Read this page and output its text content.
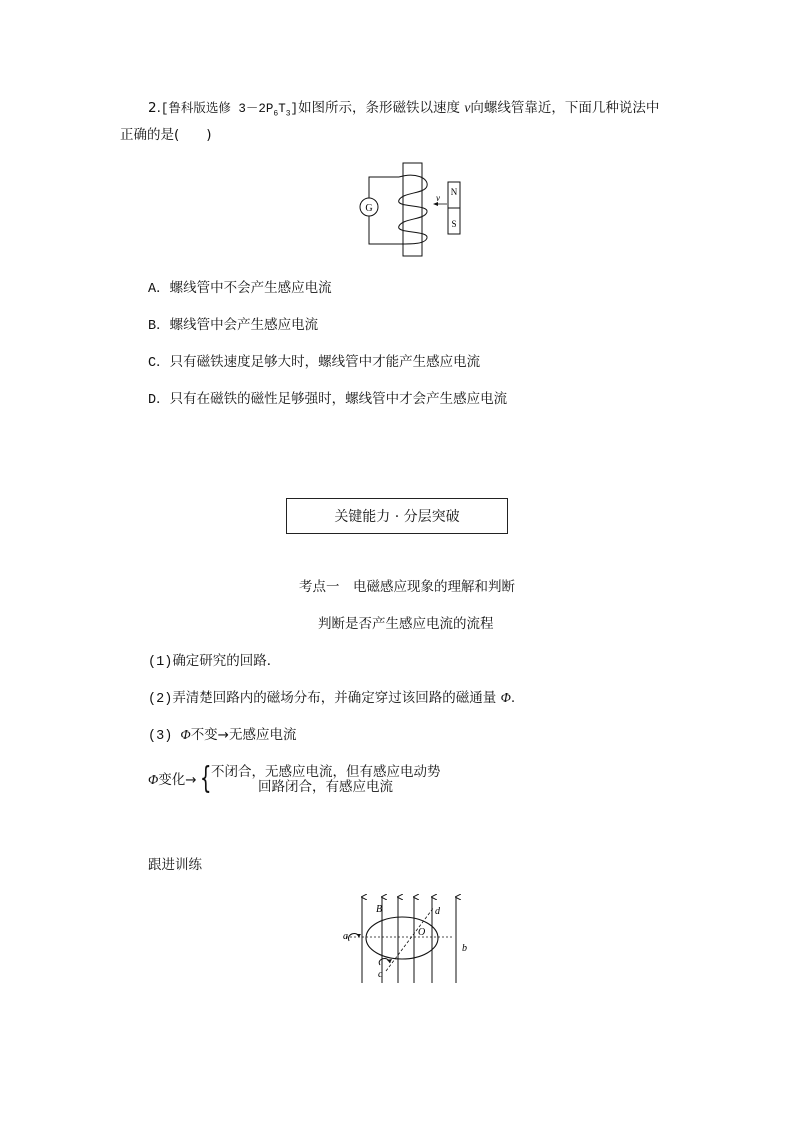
2.[鲁科版选修 $3-2P_6T_3$]如图所示，条形磁铁以速度 v向螺线管靠近，下面几种说法中
正确的是(　　)
G
v
N
S
A．螺线管中不会产生感应电流
B．螺线管中会产生感应电流
C．只有磁铁速度足够大时，螺线管中才能产生感应电流
D．只有在磁铁的磁性足够强时，螺线管中才会产生感应电流
关键能力 · 分层突破
考点一　电磁感应现象的理解和判断
判断是否产生感应电流的流程
(1)确定研究的回路．
(2)弄清楚回路内的磁场分布，并确定穿过该回路的磁通量 Φ.
(3) Φ不变→无感应电流
Φ变化→ { 不闭合，无感应电流，但有感应电动势
回路闭合，有感应电流
跟进训练
B	d
O
a
b
c
